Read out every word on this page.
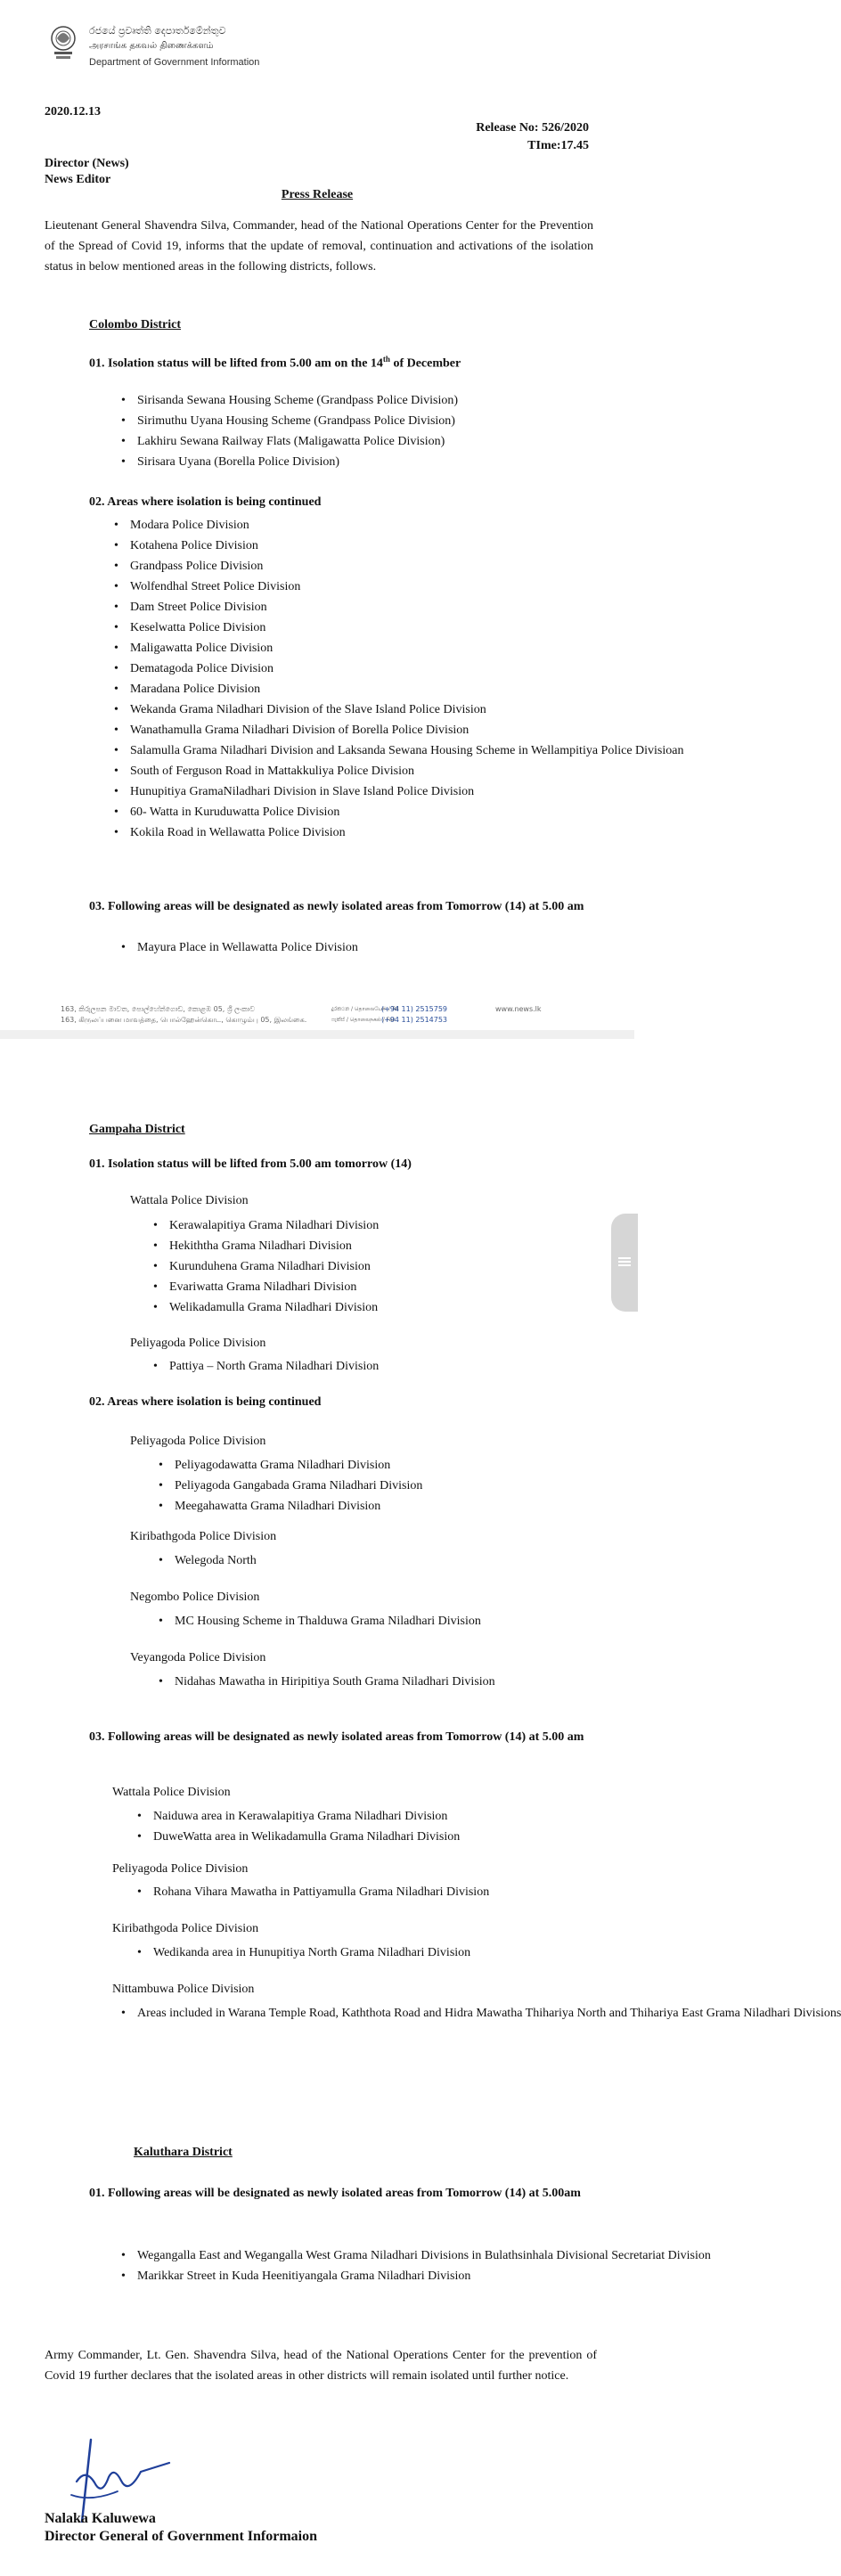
රජයේ ප්‍රවෘත්ති දෙපාර්තමේන්තුව
அரசாங்க தகவல் திணைக்களம்
Department of Government Information
2020.12.13
Release No: 526/2020
TIme:17.45
Director (News)
News Editor
Press Release
Lieutenant General Shavendra Silva, Commander, head of the National Operations Center for the Prevention of the Spread of Covid 19, informs that the update of removal, continuation and activations of the isolation status in below mentioned areas in the following districts, follows.
Colombo District
01. Isolation status will be lifted from 5.00 am on the 14th of December
• Sirisanda Sewana Housing Scheme (Grandpass Police Division)
• Sirimuthu Uyana Housing Scheme (Grandpass Police Division)
• Lakhiru Sewana Railway Flats (Maligawatta Police Division)
• Sirisara Uyana (Borella Police Division)
02. Areas where isolation is being continued
• Modara Police Division
• Kotahena Police Division
• Grandpass Police Division
• Wolfendhal Street Police Division
• Dam Street Police Division
• Keselwatta Police Division
• Maligawatta Police Division
• Dematagoda Police Division
• Maradana Police Division
• Wekanda Grama Niladhari Division of the Slave Island Police Division
• Wanathamulla Grama Niladhari Division of Borella Police Division
• Salamulla Grama Niladhari Division and Laksanda Sewana Housing Scheme in Wellampitiya Police Divisioan
• South of Ferguson Road in Mattakkuliya Police Division
• Hunupitiya GramaNiladhari Division in Slave Island Police Division
• 60- Watta in Kuruduwatta Police Division
• Kokila Road in Wellawatta Police Division
03. Following areas will be designated as newly isolated areas from Tomorrow (14) at 5.00 am
• Mayura Place in Wellawatta Police Division
163, කිරුලපන මාවත, පොල්හේන්ගොඩ, කොළඹ 05, ශ්‍රී ලංකාව
163, கிருலப்பனை மாவத்தை, பொல்ஹேன்கொட, கொழும்பு 05, இலங்கை.
දුරකථන / தொலைபேசி / Tel
(+94 11) 2515759
ෆැක්ස් / தொலைநகல் / Fax
(+94 11) 2514753
www.news.lk
Gampaha District
01. Isolation status will be lifted from 5.00 am tomorrow (14)
Wattala Police Division
• Kerawalapitiya Grama Niladhari Division
• Hekiththa Grama Niladhari Division
• Kurunduhena Grama Niladhari Division
• Evariwatta Grama Niladhari Division
• Welikadamulla Grama Niladhari Division
Peliyagoda Police Division
• Pattiya – North Grama Niladhari Division
02. Areas where isolation is being continued
Peliyagoda Police Division
• Peliyagodawatta Grama Niladhari Division
• Peliyagoda Gangabada Grama Niladhari Division
• Meegahawatta Grama Niladhari Division
Kiribathgoda Police Division
• Welegoda North
Negombo Police Division
• MC Housing Scheme in Thalduwa Grama Niladhari Division
Veyangoda Police Division
• Nidahas Mawatha in Hiripitiya South Grama Niladhari Division
03. Following areas will be designated as newly isolated areas from Tomorrow (14) at 5.00 am
Wattala Police Division
• Naiduwa area in Kerawalapitiya Grama Niladhari Division
• DuweWatta area in Welikadamulla Grama Niladhari Division
Peliyagoda Police Division
• Rohana Vihara Mawatha in Pattiyamulla Grama Niladhari Division
Kiribathgoda Police Division
• Wedikanda area in Hunupitiya North Grama Niladhari Division
Nittambuwa Police Division
• Areas included in Warana Temple Road, Kaththota Road and Hidra Mawatha Thihariya North and Thihariya East Grama Niladhari Divisions
Kaluthara District
01. Following areas will be designated as newly isolated areas from Tomorrow (14) at 5.00am
• Wegangalla East and Wegangalla West Grama Niladhari Divisions in Bulathsinhala Divisional Secretariat Division
• Marikkar Street in Kuda Heenitiyangala Grama Niladhari Division
Army Commander, Lt. Gen. Shavendra Silva, head of the National Operations Center for the prevention of Covid 19 further declares that the isolated areas in other districts will remain isolated until further notice.
Nalaka Kaluwewa
Director General of Government Informaion
